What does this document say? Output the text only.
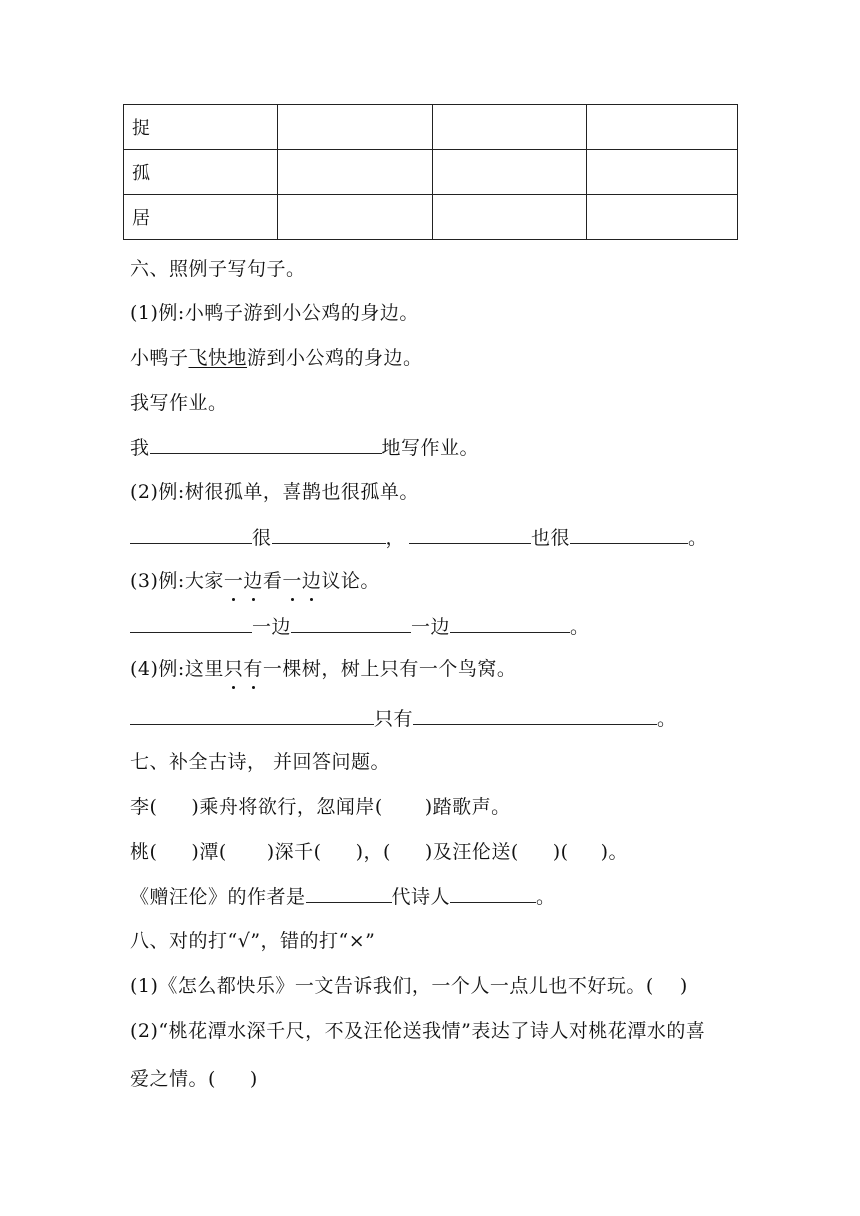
捉			
孤			
居			
六、照例子写句子。
(1)例:小鸭子游到小公鸡的身边。
小鸭子飞快地游到小公鸡的身边。
我写作业。
我	地写作业。
(2)例:树很孤单，喜鹊也很孤单。
很	，	也很	。
(3)例:大家一边看一边议论。
一边	一边	。
(4)例:这里只有一棵树，树上只有一个鸟窝。
只有	。
七、补全古诗， 并回答问题。
李( )乘舟将欲行，忽闻岸( )踏歌声。
桃( )潭( )深千( )，( )及汪伦送( )( )。
《赠汪伦》的作者是	代诗人	。
八、对的打“√”，错的打“×”
(1)《怎么都快乐》一文告诉我们，一个人一点儿也不好玩。( )
(2)“桃花潭水深千尺，不及汪伦送我情”表达了诗人对桃花潭水的喜
爱之情。( )
